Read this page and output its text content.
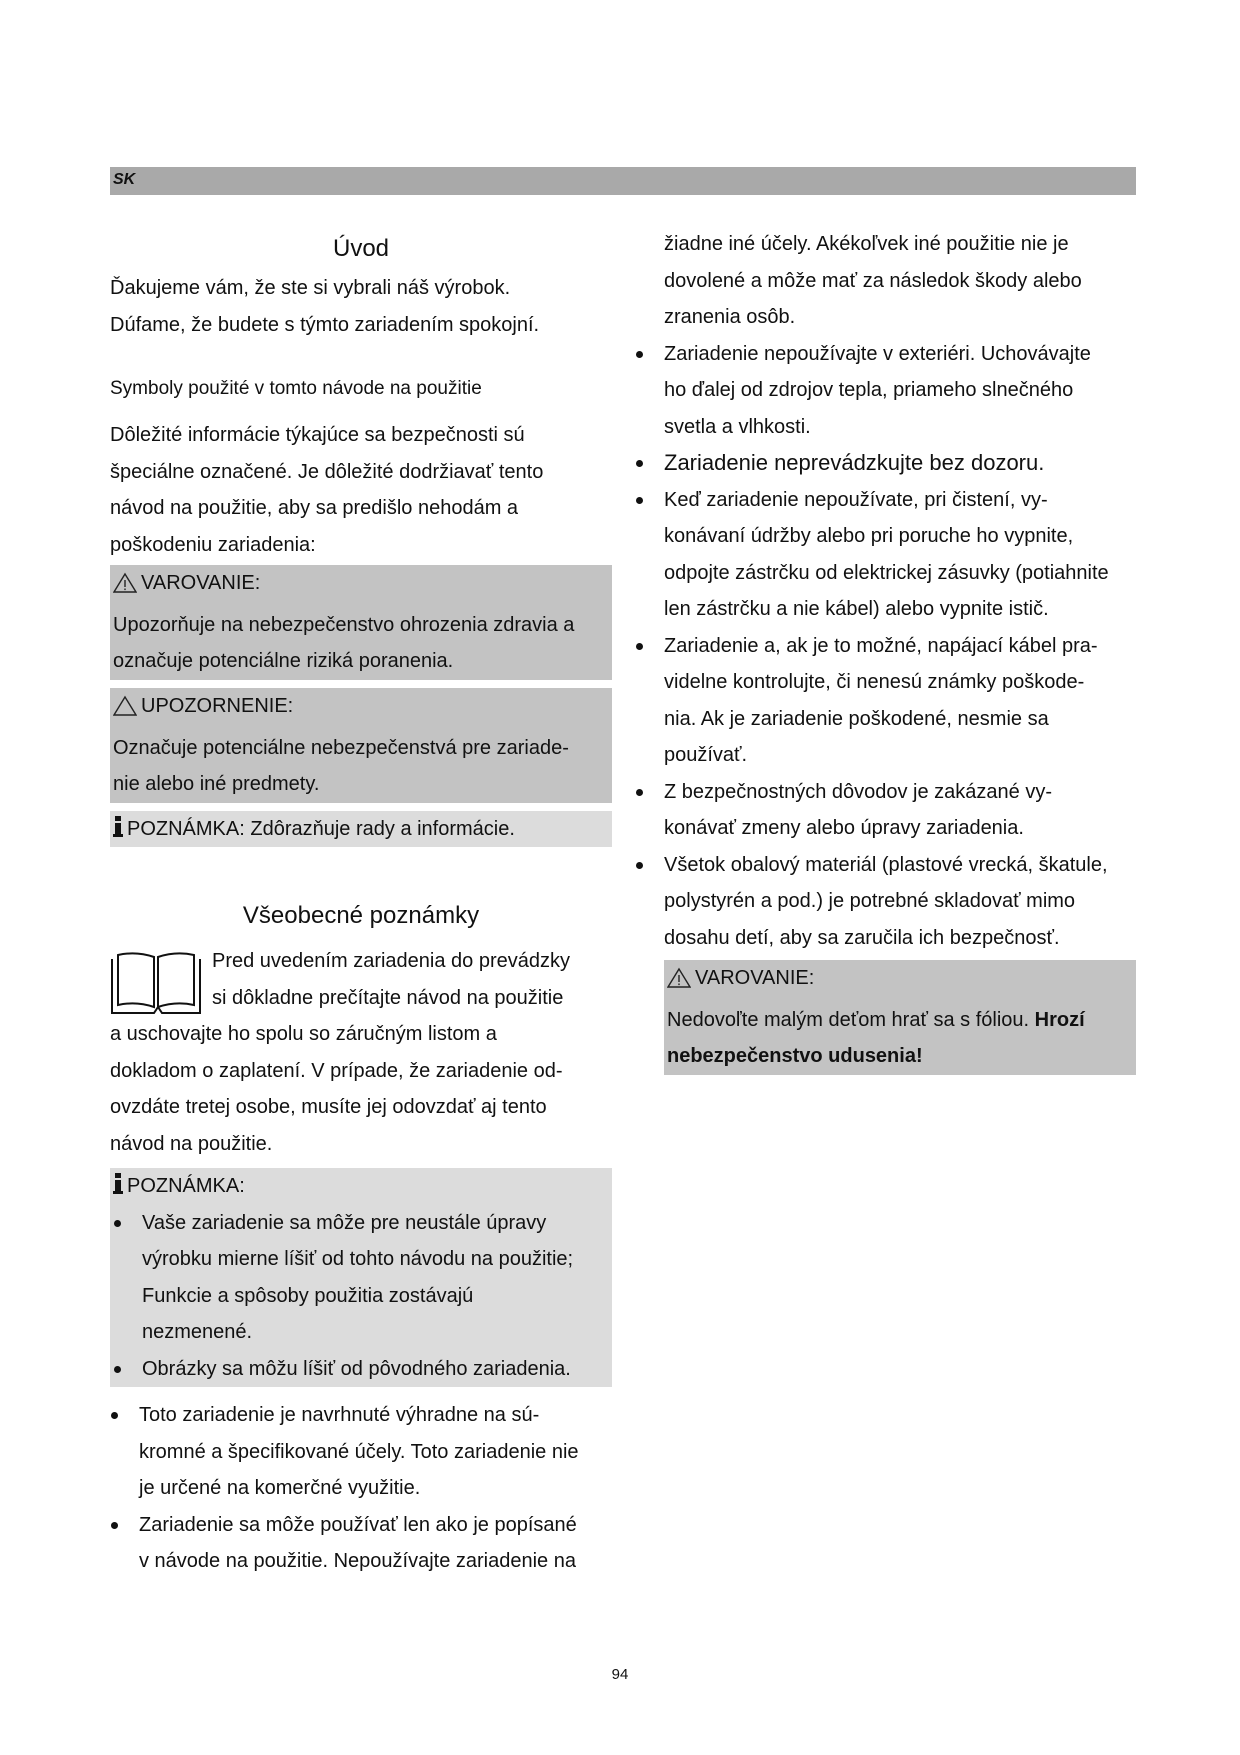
SK
Úvod
Ďakujeme vám, že ste si vybrali náš výrobok.
Dúfame, že budete s týmto zariadením spokojní.
Symboly použité v tomto návode na použitie
Dôležité informácie týkajúce sa bezpečnosti sú
špeciálne označené. Je dôležité dodržiavať tento
návod na použitie, aby sa predišlo nehodám a
poškodeniu zariadenia:
VAROVANIE:
Upozorňuje na nebezpečenstvo ohrozenia zdravia a
označuje potenciálne riziká poranenia.
UPOZORNENIE:
Označuje potenciálne nebezpečenstvá pre zariade-
nie alebo iné predmety.
POZNÁMKA: Zdôrazňuje rady a informácie.
Všeobecné poznámky
Pred uvedením zariadenia do prevádzky
si dôkladne prečítajte návod na použitie
a uschovajte ho spolu so záručným listom a
dokladom o zaplatení. V prípade, že zariadenie od-
ovzdáte tretej osobe, musíte jej odovzdať aj tento
návod na použitie.
POZNÁMKA:
Vaše zariadenie sa môže pre neustále úpravy
výrobku mierne líšiť od tohto návodu na použitie;
Funkcie a spôsoby použitia zostávajú
nezmenené.
Obrázky sa môžu líšiť od pôvodného zariadenia.
Toto zariadenie je navrhnuté výhradne na sú-
kromné a špecifikované účely. Toto zariadenie nie
je určené na komerčné využitie.
Zariadenie sa môže používať len ako je popísané
v návode na použitie. Nepoužívajte zariadenie na
žiadne iné účely. Akékoľvek iné použitie nie je
dovolené a môže mať za následok škody alebo
zranenia osôb.
Zariadenie nepoužívajte v exteriéri. Uchovávajte
ho ďalej od zdrojov tepla, priameho slnečného
svetla a vlhkosti.
Zariadenie neprevádzkujte bez dozoru.
Keď zariadenie nepoužívate, pri čistení, vy-
konávaní údržby alebo pri poruche ho vypnite,
odpojte zástrčku od elektrickej zásuvky (potiahnite
len zástrčku a nie kábel) alebo vypnite istič.
Zariadenie a, ak je to možné, napájací kábel pra-
videlne kontrolujte, či nenesú známky poškode-
nia. Ak je zariadenie poškodené, nesmie sa
používať.
Z bezpečnostných dôvodov je zakázané vy-
konávať zmeny alebo úpravy zariadenia.
Všetok obalový materiál (plastové vrecká, škatule,
polystyrén a pod.) je potrebné skladovať mimo
dosahu detí, aby sa zaručila ich bezpečnosť.
VAROVANIE:
Nedovoľte malým deťom hrať sa s fóliou. Hrozí
nebezpečenstvo udusenia!
94
